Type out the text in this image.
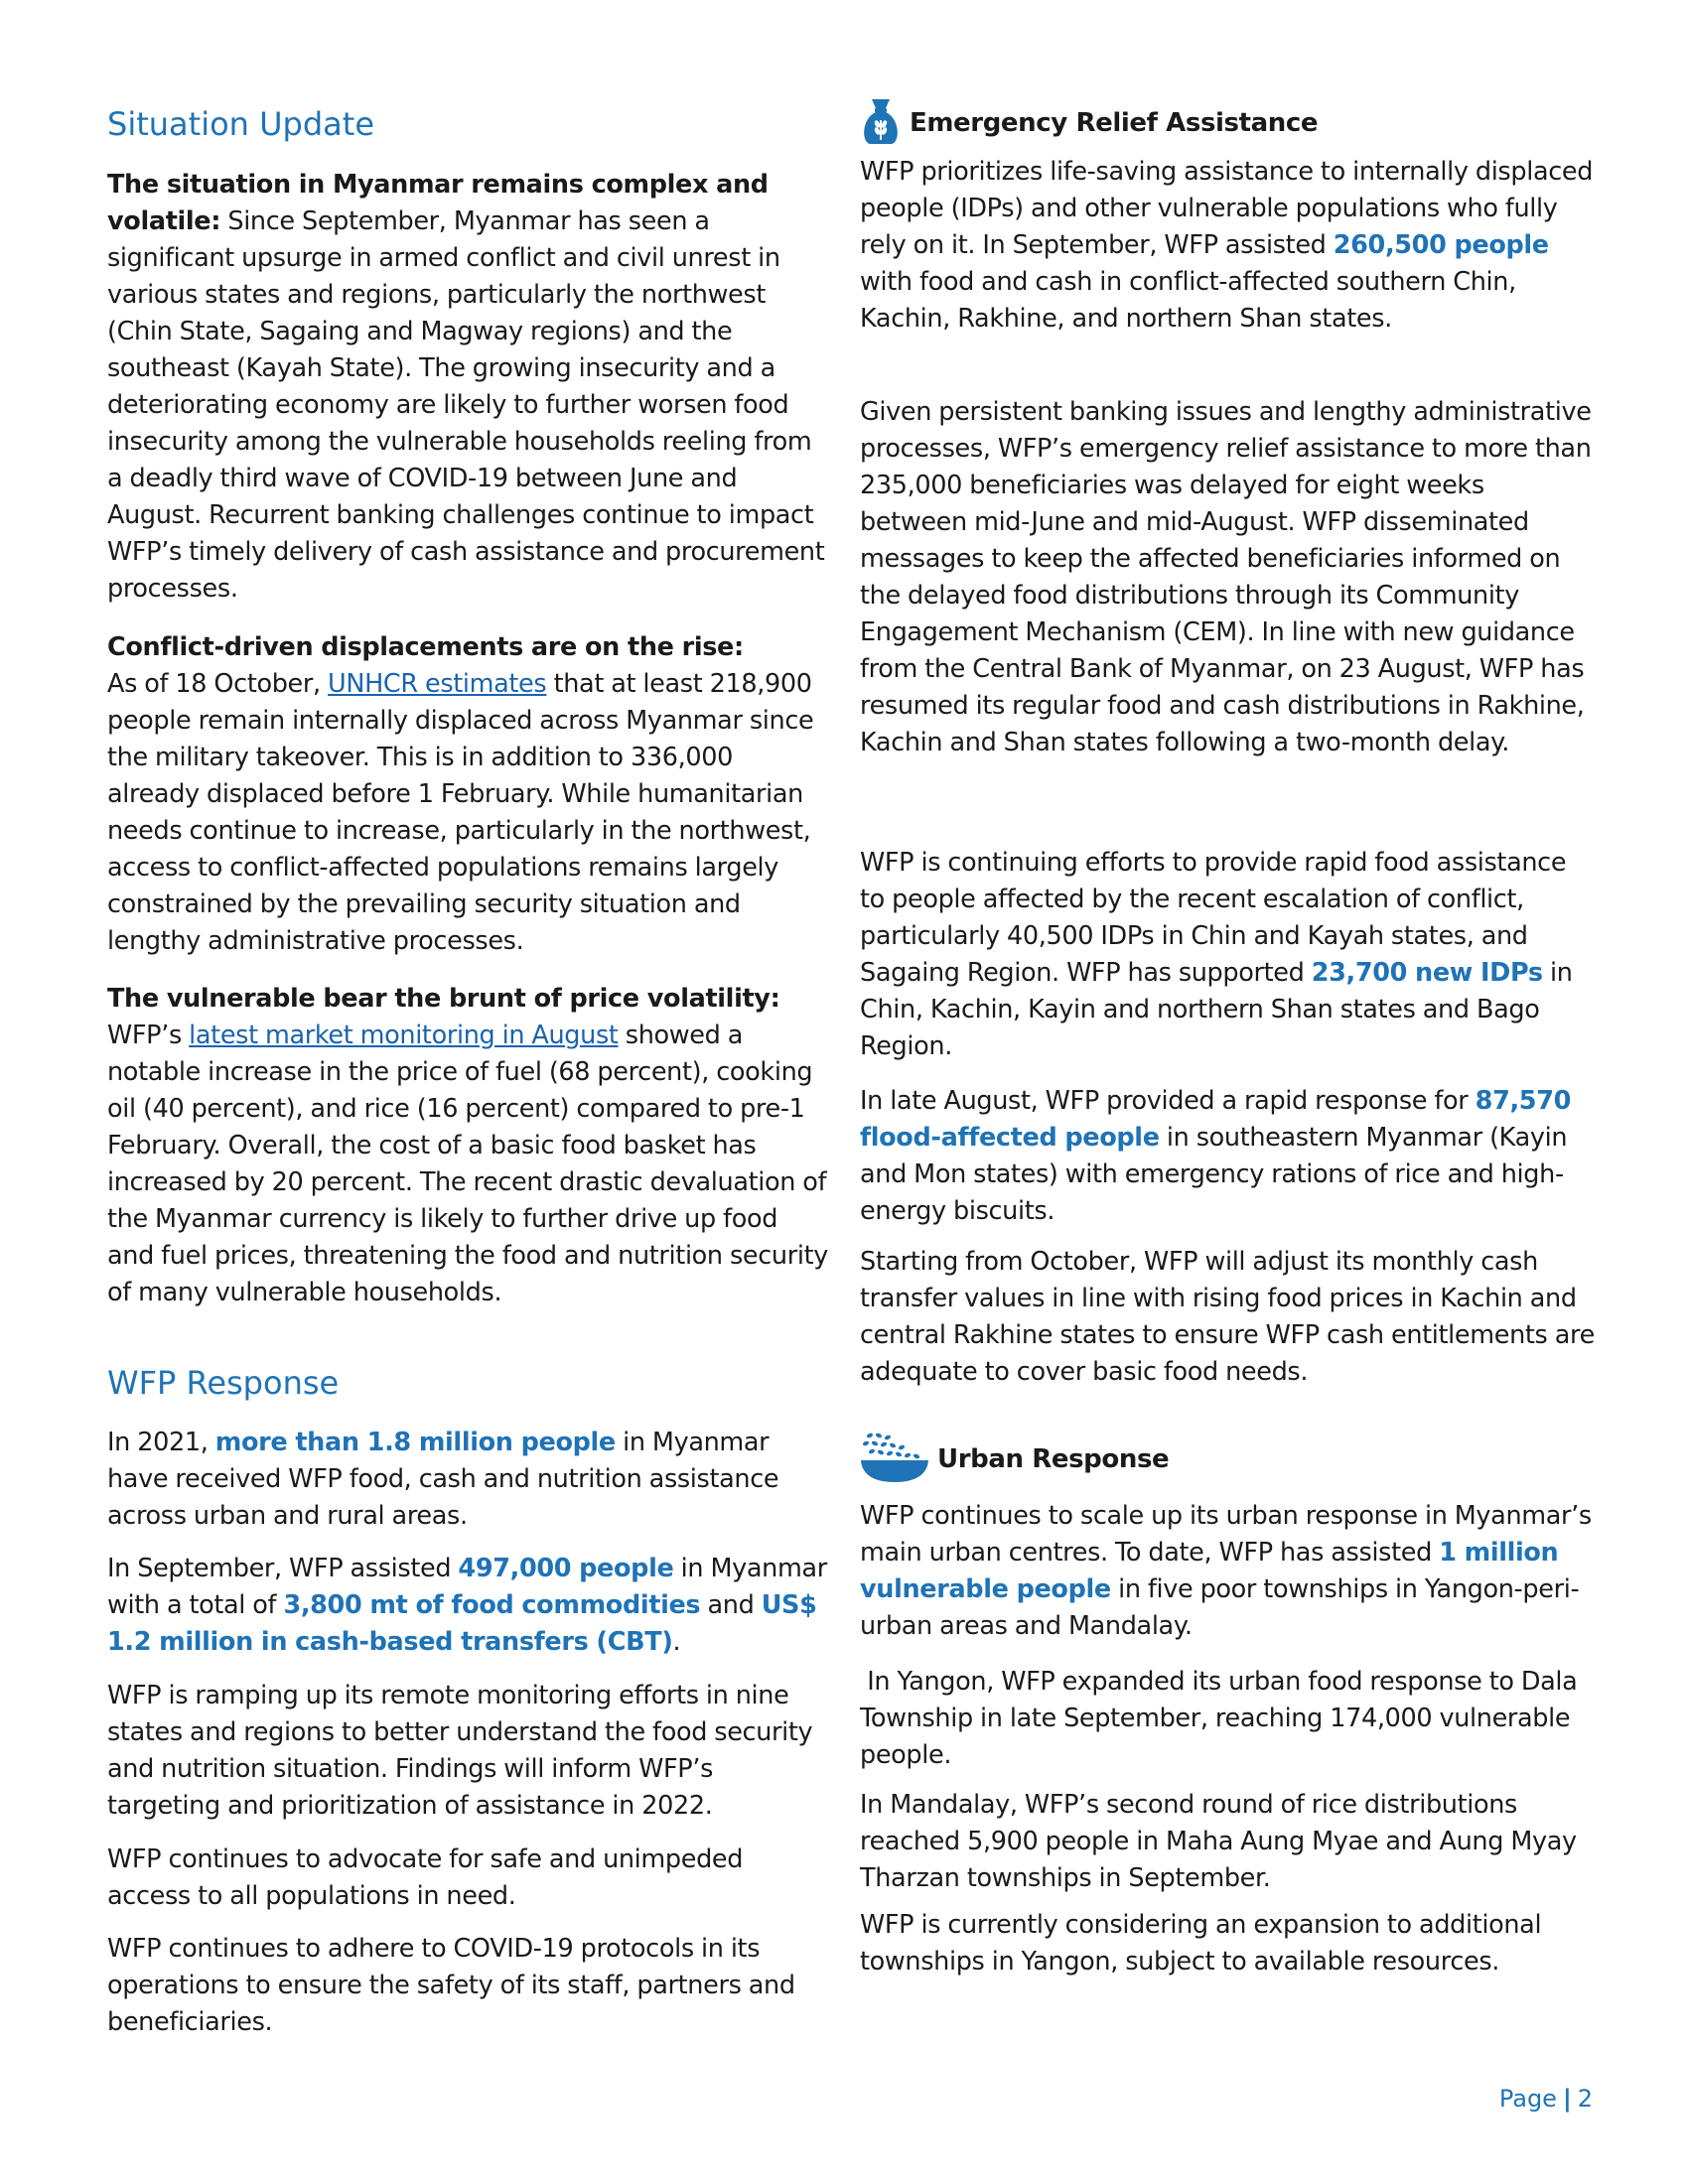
Situation Update

The situation in Myanmar remains complex and volatile: Since September, Myanmar has seen a significant upsurge in armed conflict and civil unrest in various states and regions, particularly the northwest (Chin State, Sagaing and Magway regions) and the southeast (Kayah State). The growing insecurity and a deteriorating economy are likely to further worsen food insecurity among the vulnerable households reeling from a deadly third wave of COVID-19 between June and August. Recurrent banking challenges continue to impact WFP’s timely delivery of cash assistance and procurement processes.

Conflict-driven displacements are on the rise:
As of 18 October, UNHCR estimates that at least 218,900 people remain internally displaced across Myanmar since the military takeover. This is in addition to 336,000 already displaced before 1 February. While humanitarian needs continue to increase, particularly in the northwest, access to conflict-affected populations remains largely constrained by the prevailing security situation and lengthy administrative processes.

The vulnerable bear the brunt of price volatility:
WFP’s latest market monitoring in August showed a notable increase in the price of fuel (68 percent), cooking oil (40 percent), and rice (16 percent) compared to pre-1 February. Overall, the cost of a basic food basket has increased by 20 percent. The recent drastic devaluation of the Myanmar currency is likely to further drive up food and fuel prices, threatening the food and nutrition security of many vulnerable households.

WFP Response

In 2021, more than 1.8 million people in Myanmar have received WFP food, cash and nutrition assistance across urban and rural areas.

In September, WFP assisted 497,000 people in Myanmar with a total of 3,800 mt of food commodities and US$ 1.2 million in cash-based transfers (CBT).

WFP is ramping up its remote monitoring efforts in nine states and regions to better understand the food security and nutrition situation. Findings will inform WFP’s targeting and prioritization of assistance in 2022.

WFP continues to advocate for safe and unimpeded access to all populations in need.

WFP continues to adhere to COVID-19 protocols in its operations to ensure the safety of its staff, partners and beneficiaries.

Emergency Relief Assistance

WFP prioritizes life-saving assistance to internally displaced people (IDPs) and other vulnerable populations who fully rely on it. In September, WFP assisted 260,500 people with food and cash in conflict-affected southern Chin, Kachin, Rakhine, and northern Shan states.

Given persistent banking issues and lengthy administrative processes, WFP’s emergency relief assistance to more than 235,000 beneficiaries was delayed for eight weeks between mid-June and mid-August. WFP disseminated messages to keep the affected beneficiaries informed on the delayed food distributions through its Community Engagement Mechanism (CEM). In line with new guidance from the Central Bank of Myanmar, on 23 August, WFP has resumed its regular food and cash distributions in Rakhine, Kachin and Shan states following a two-month delay.

WFP is continuing efforts to provide rapid food assistance to people affected by the recent escalation of conflict, particularly 40,500 IDPs in Chin and Kayah states, and Sagaing Region. WFP has supported 23,700 new IDPs in Chin, Kachin, Kayin and northern Shan states and Bago Region.

In late August, WFP provided a rapid response for 87,570 flood-affected people in southeastern Myanmar (Kayin and Mon states) with emergency rations of rice and high-energy biscuits.

Starting from October, WFP will adjust its monthly cash transfer values in line with rising food prices in Kachin and central Rakhine states to ensure WFP cash entitlements are adequate to cover basic food needs.

Urban Response

WFP continues to scale up its urban response in Myanmar’s main urban centres. To date, WFP has assisted 1 million vulnerable people in five poor townships in Yangon-peri-urban areas and Mandalay.

In Yangon, WFP expanded its urban food response to Dala Township in late September, reaching 174,000 vulnerable people.

In Mandalay, WFP’s second round of rice distributions reached 5,900 people in Maha Aung Myae and Aung Myay Tharzan townships in September.

WFP is currently considering an expansion to additional townships in Yangon, subject to available resources.

Page | 2
